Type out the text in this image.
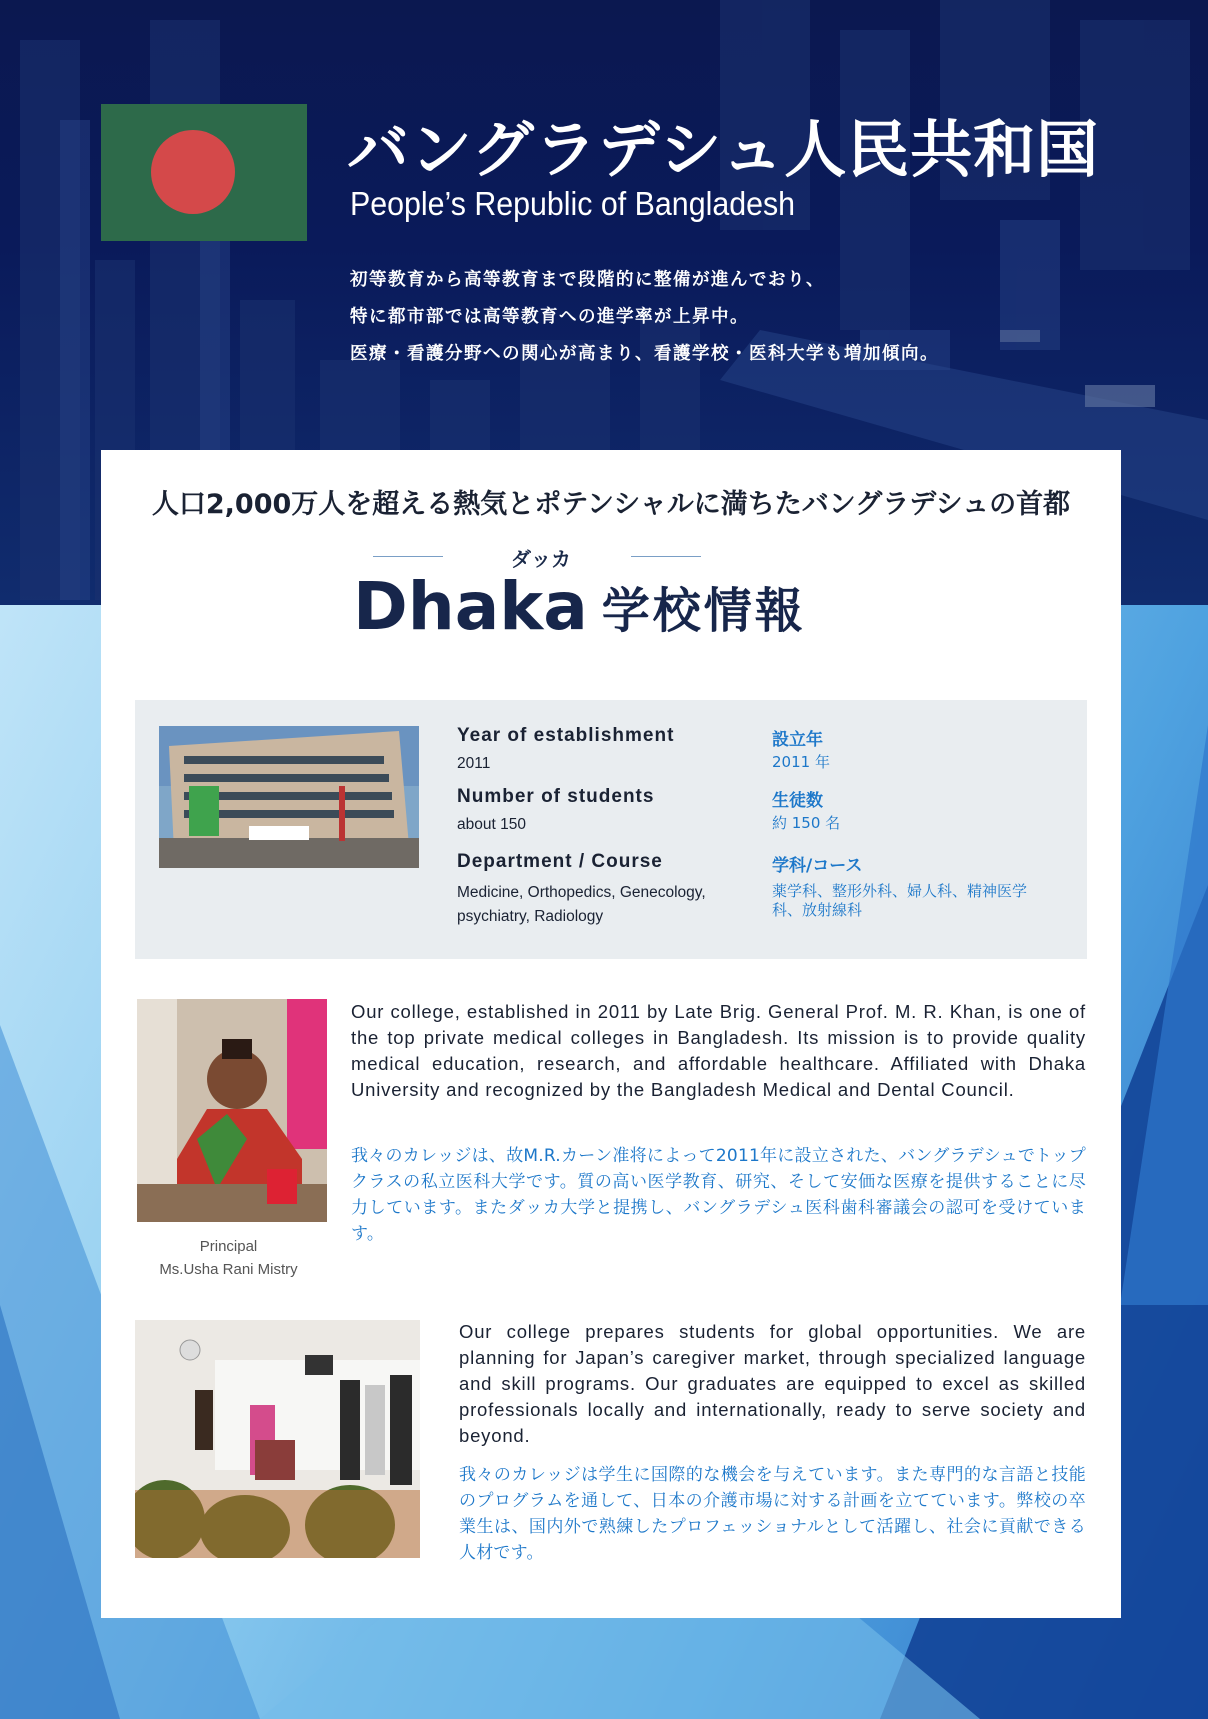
バングラデシュ人民共和国
People’s Republic of Bangladesh
初等教育から高等教育まで段階的に整備が進んでおり、
特に都市部では高等教育への進学率が上昇中。
医療・看護分野への関心が高まり、看護学校・医科大学も増加傾向。
人口2,000万人を超える熱気とポテンシャルに満ちたバングラデシュの首都
ダッカ
Dhaka 学校情報
Year of establishment
2011
Number of students
about 150
Department / Course
Medicine, Orthopedics, Genecology, psychiatry, Radiology
設立年
2011 年
生徒数
約 150 名
学科/コース
薬学科、整形外科、婦人科、精神医学科、放射線科
Principal
Ms.Usha Rani Mistry
Our college, established in 2011 by Late Brig. General Prof. M. R. Khan, is one of the top private medical colleges in Bangladesh. Its mission is to provide quality medical education, research, and affordable healthcare. Affiliated with Dhaka University and recognized by the Bangladesh Medical and Dental Council.
我々のカレッジは、故M.R.カーン准将によって2011年に設立された、バングラデシュでトップクラスの私立医科大学です。質の高い医学教育、研究、そして安価な医療を提供することに尽力しています。またダッカ大学と提携し、バングラデシュ医科歯科審議会の認可を受けています。
Our college prepares students for global opportunities. We are planning for Japan’s caregiver market, through specialized language and skill programs. Our graduates are equipped to excel as skilled professionals locally and internationally, ready to serve society and beyond.
我々のカレッジは学生に国際的な機会を与えています。また専門的な言語と技能のプログラムを通して、日本の介護市場に対する計画を立てています。弊校の卒業生は、国内外で熟練したプロフェッショナルとして活躍し、社会に貢献できる人材です。
